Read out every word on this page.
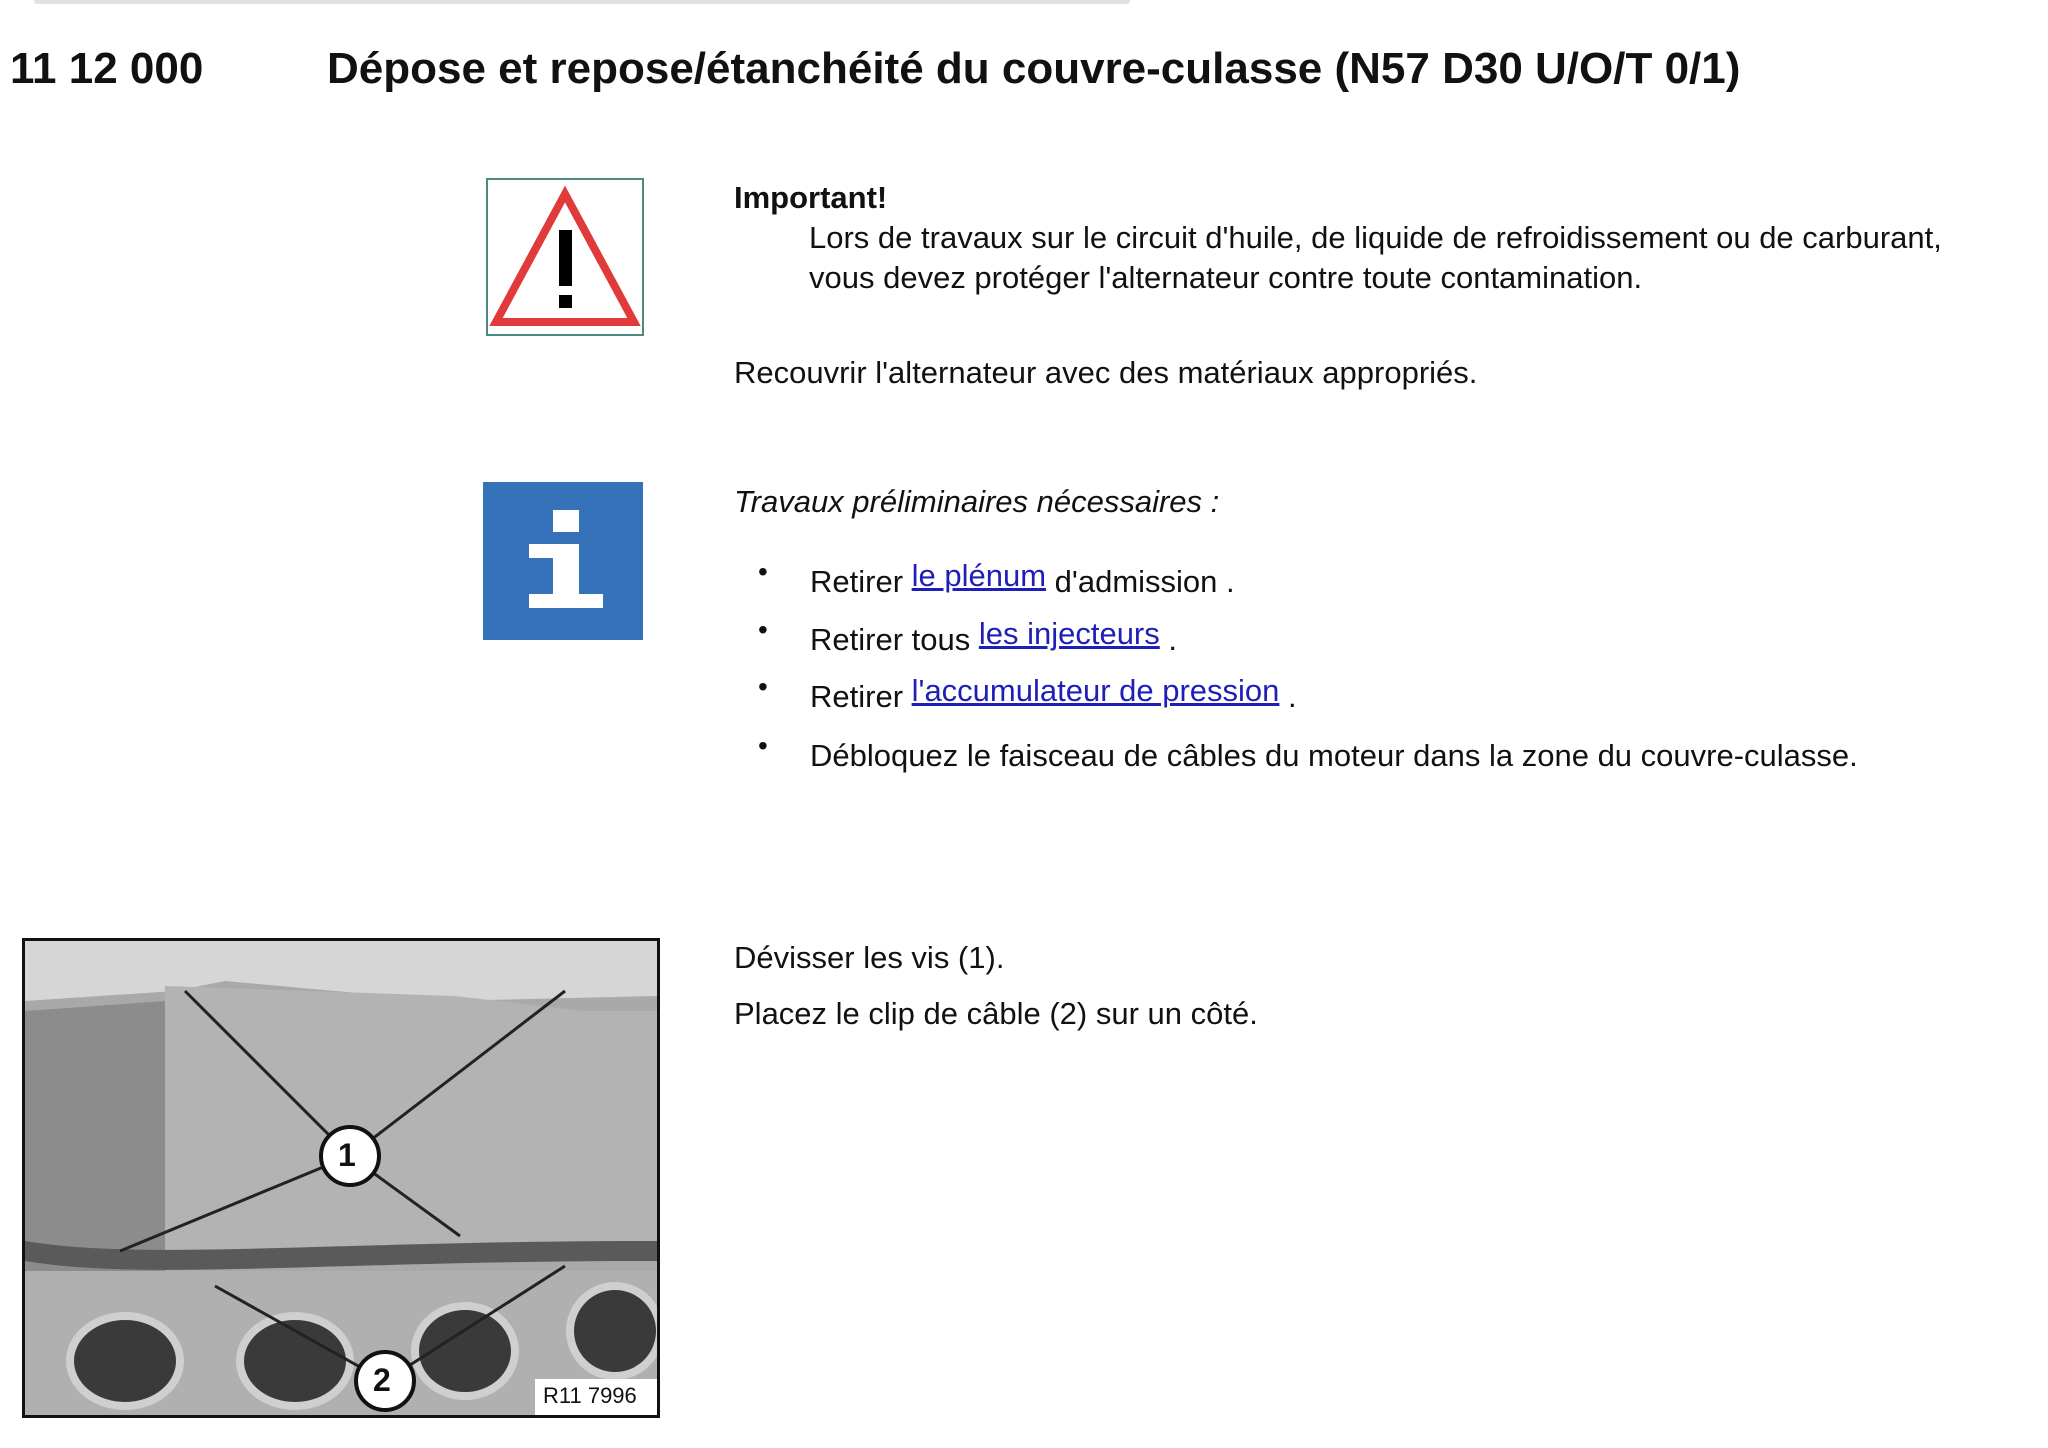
11 12 000	Dépose et repose/étanchéité du couvre-culasse (N57 D30 U/O/T 0/1)
Important!
Lors de travaux sur le circuit d'huile, de liquide de refroidissement ou de carburant,
vous devez protéger l'alternateur contre toute contamination.
Recouvrir l'alternateur avec des matériaux appropriés.
Travaux préliminaires nécessaires :
• Retirer le plénum d'admission .
• Retirer tous les injecteurs .
• Retirer l'accumulateur de pression .
• Débloquez le faisceau de câbles du moteur dans la zone du couvre-culasse.
1
2	R11 7996
Dévisser les vis (1).
Placez le clip de câble (2) sur un côté.
